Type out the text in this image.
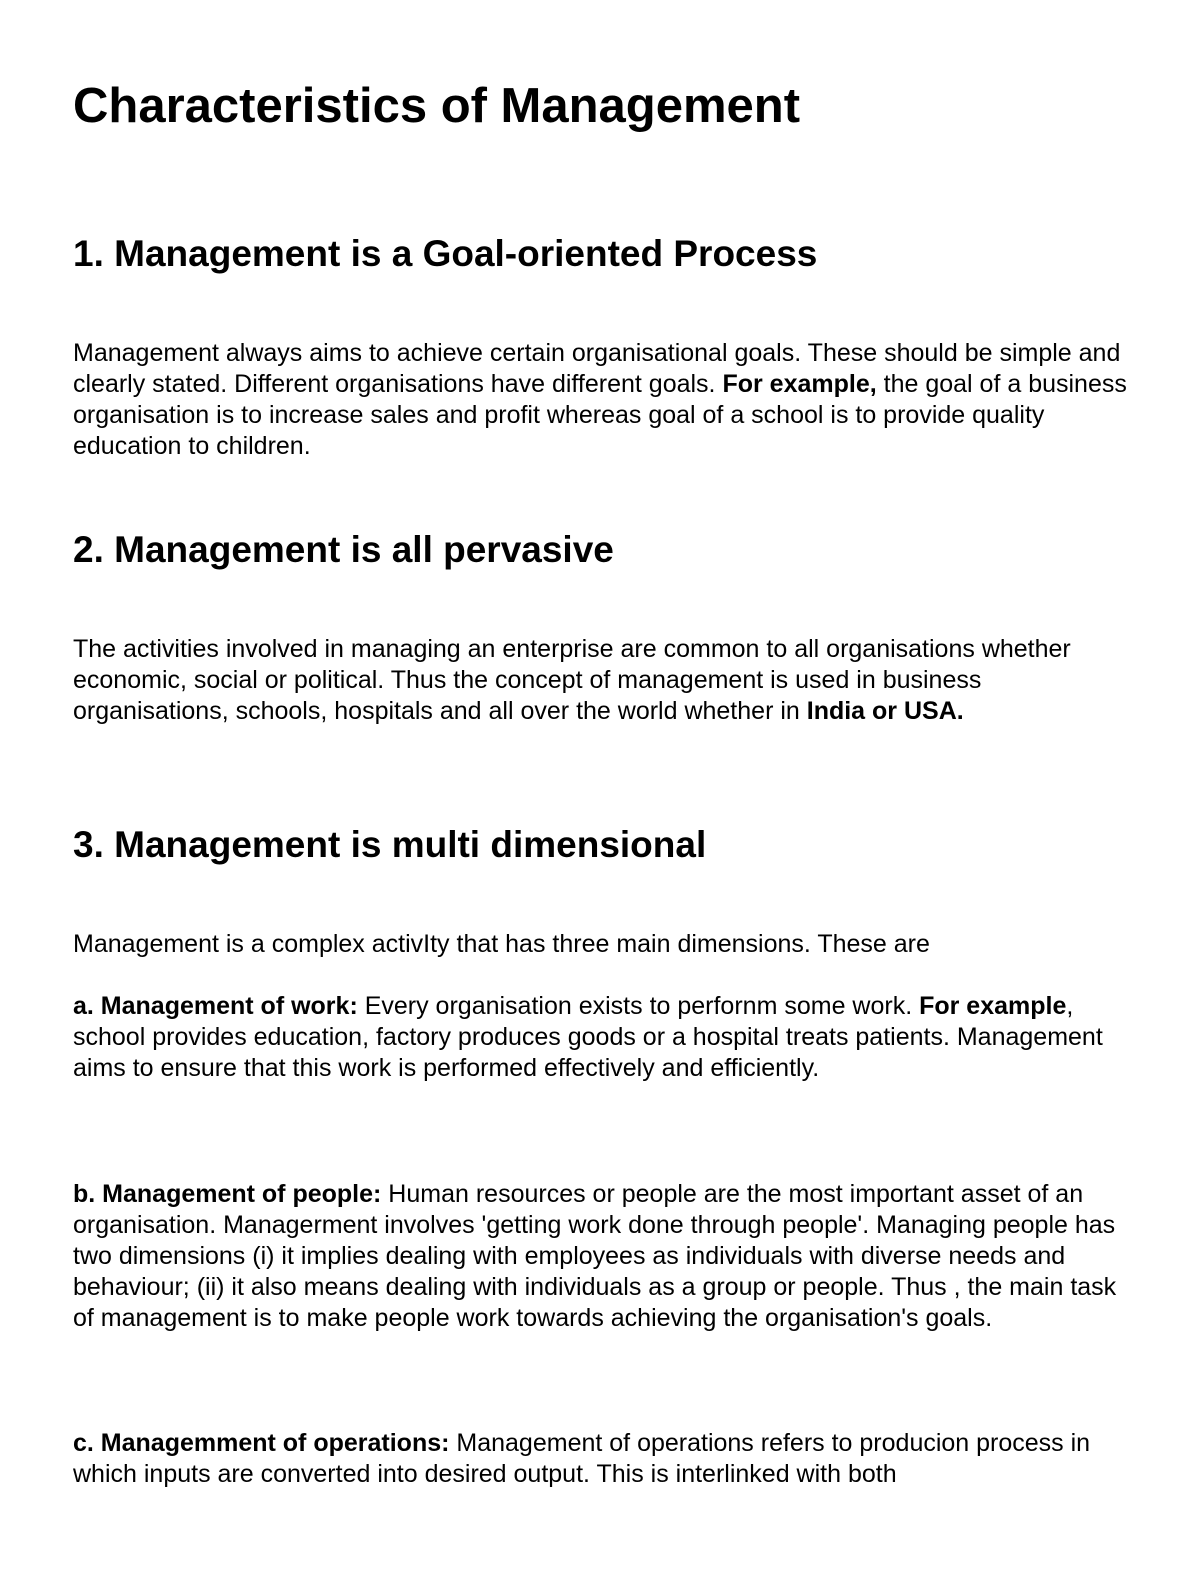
Characteristics of Management
1. Management is a Goal-oriented Process

Management always aims to achieve certain organisational goals. These should be simple and clearly stated. Different organisations have different goals. For example, the goal of a business organisation is to increase sales and profit whereas goal of a school is to provide quality education to children.

2. Management is all pervasive

The activities involved in managing an enterprise are common to all organisations whether economic, social or political. Thus the concept of management is used in business organisations, schools, hospitals and all over the world whether in India or USA.

3. Management is multi dimensional

Management is a complex activIty that has three main dimensions. These are

a. Management of work: Every organisation exists to perfornm some work. For example, school provides education, factory produces goods or a hospital treats patients. Management aims to ensure that this work is performed effectively and efficiently.

b. Management of people: Human resources or people are the most important asset of an organisation. Managerment involves 'getting work done through people'. Managing people has two dimensions (i) it implies dealing with employees as individuals with diverse needs and behaviour; (ii) it also means dealing with individuals as a group or people. Thus , the main task of management is to make people work towards achieving the organisation's goals.

c. Managemment of operations: Management of operations refers to producion process in which inputs are converted into desired output. This is interlinked with both
